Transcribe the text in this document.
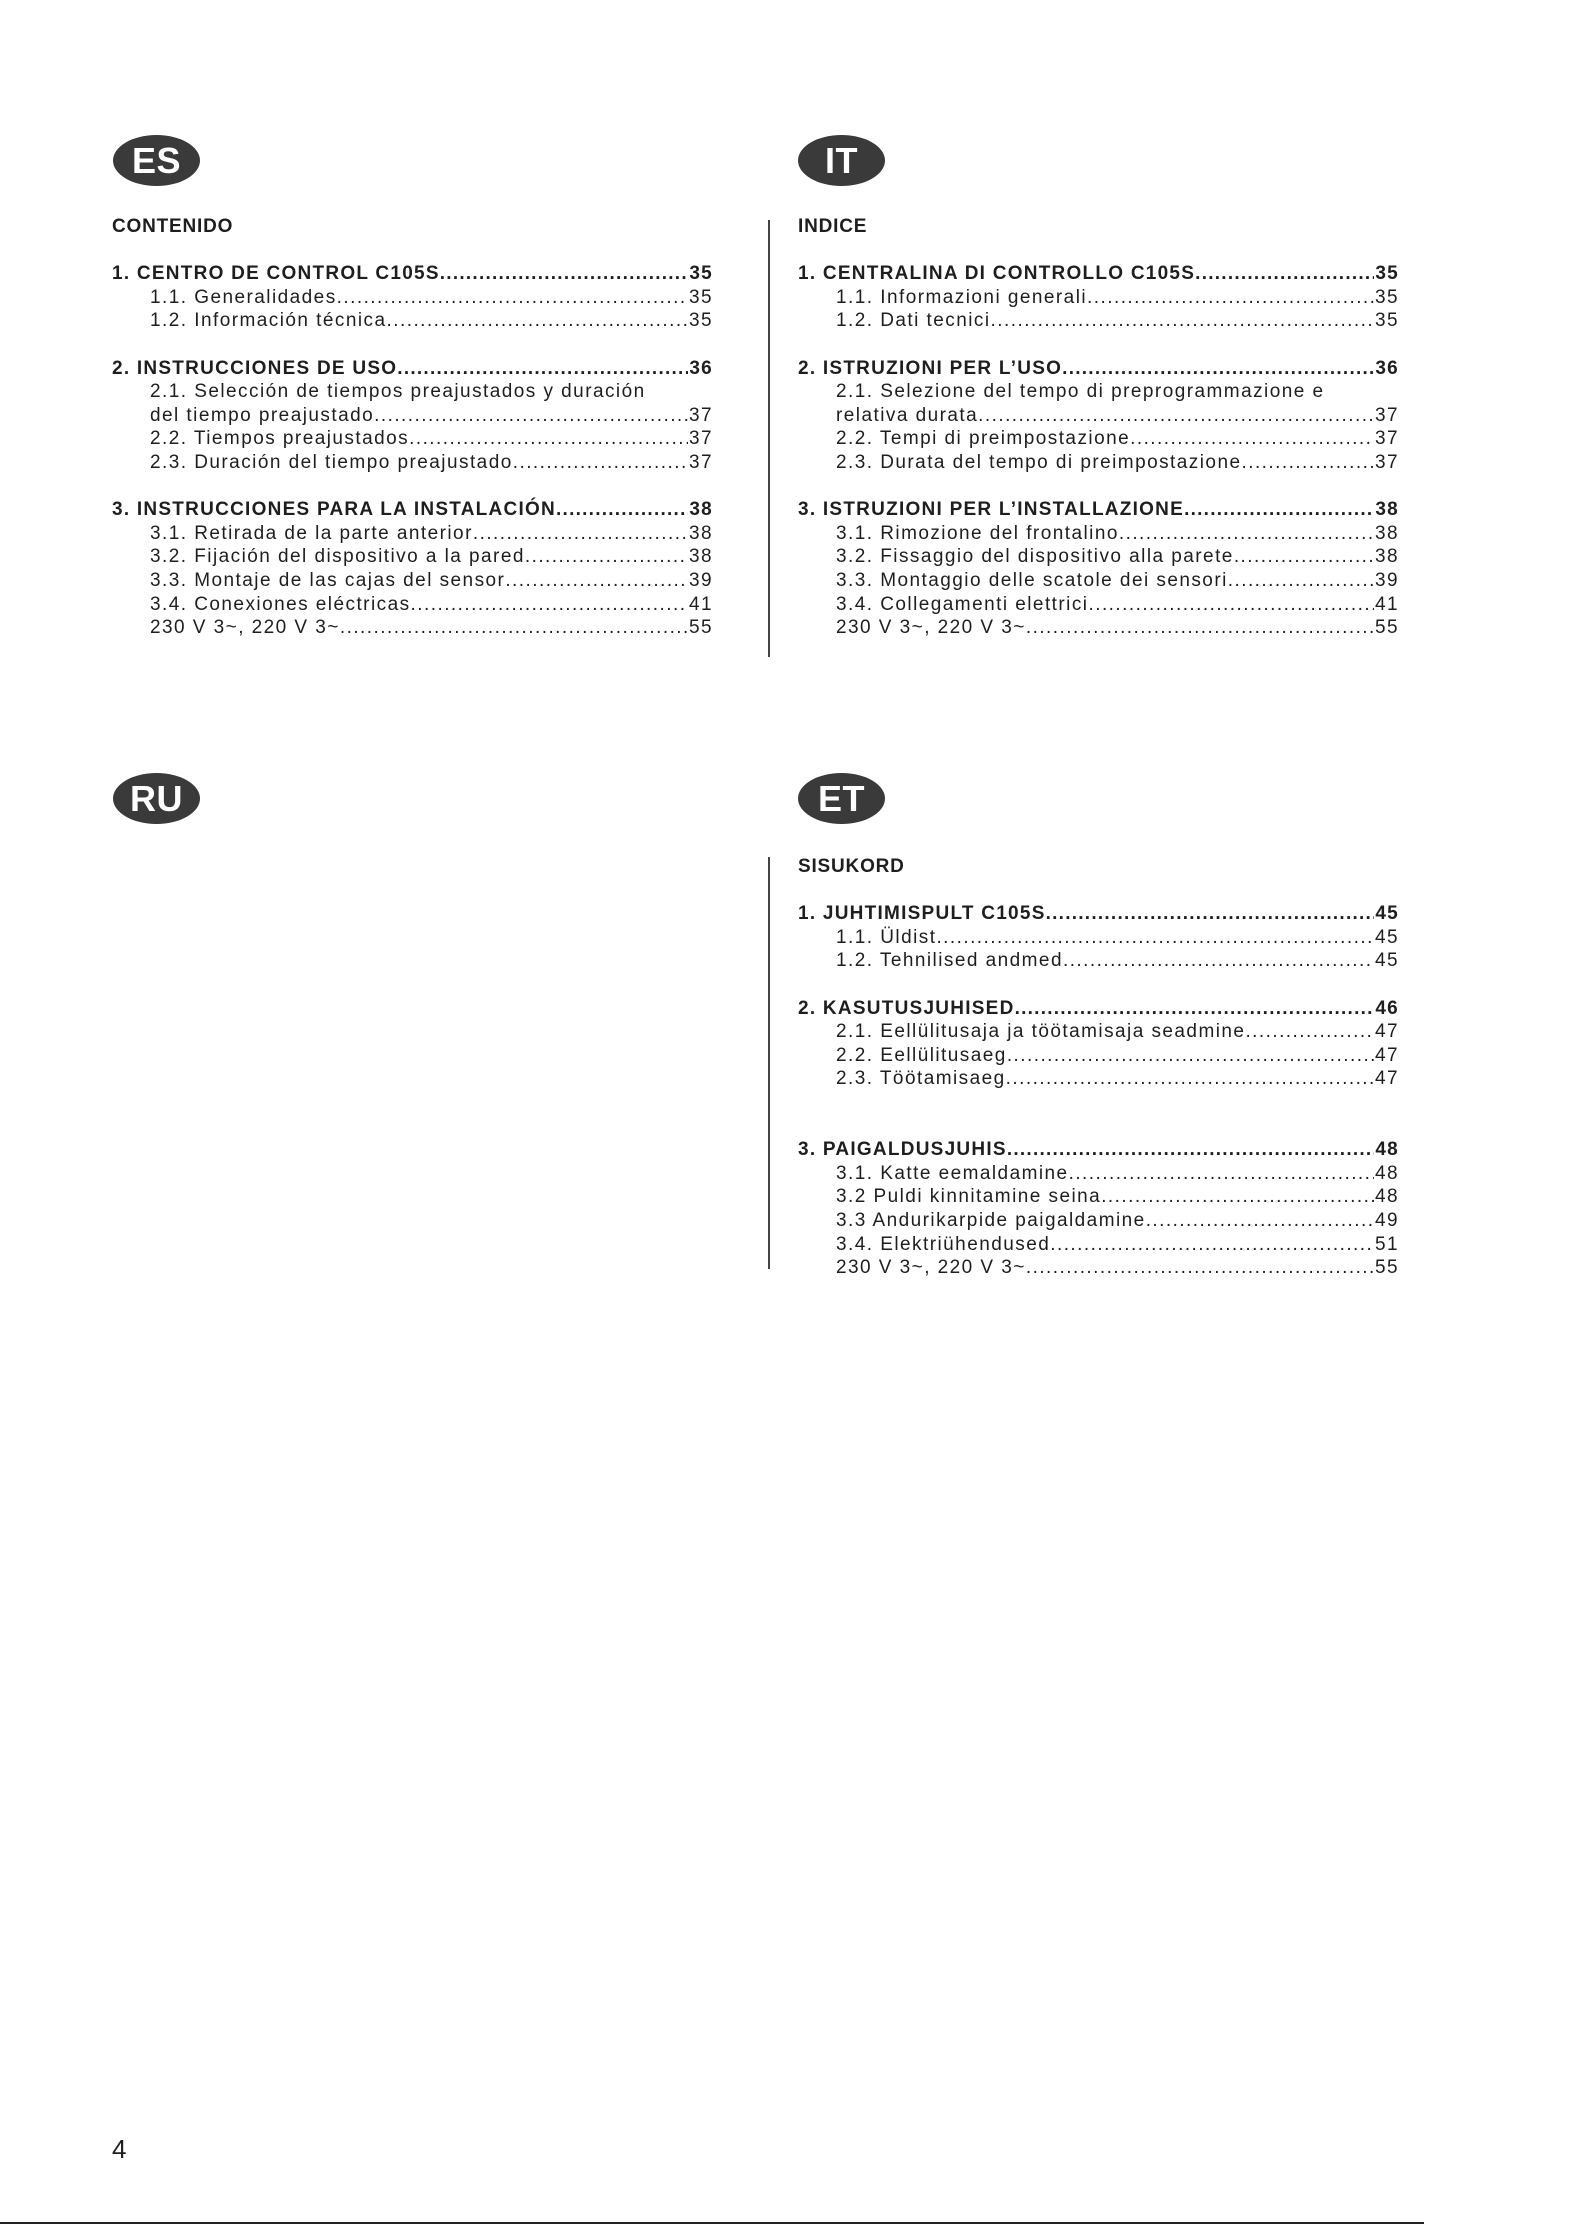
ES
CONTENIDO
1. CENTRO DE CONTROL C105S .....	35
1.1. Generalidades .....	35
1.2. Información técnica .....	35
2. INSTRUCCIONES DE USO .....	36
2.1. Selección de tiempos preajustados y duración
del tiempo preajustado .....	37
2.2. Tiempos preajustados .....	37
2.3. Duración del tiempo preajustado .....	37
3. INSTRUCCIONES PARA LA INSTALACIÓN .....	38
3.1. Retirada de la parte anterior .....	38
3.2. Fijación del dispositivo a la pared .....	38
3.3. Montaje de las cajas del sensor .....	39
3.4. Conexiones eléctricas .....	41
230 V 3~, 220 V 3~ .....	55
IT
INDICE
1. CENTRALINA DI CONTROLLO C105S .....	35
1.1. Informazioni generali .....	35
1.2. Dati tecnici .....	35
2. ISTRUZIONI PER L’USO .....	36
2.1. Selezione del tempo di preprogrammazione e
relativa durata .....	37
2.2. Tempi di preimpostazione .....	37
2.3. Durata del tempo di preimpostazione .....	37
3. ISTRUZIONI PER L’INSTALLAZIONE .....	38
3.1. Rimozione del frontalino .....	38
3.2. Fissaggio del dispositivo alla parete .....	38
3.3. Montaggio delle scatole dei sensori .....	39
3.4. Collegamenti elettrici .....	41
230 V 3~, 220 V 3~ .....	55
RU	ET
SISUKORD
1. JUHTIMISPULT C105S .....	45
1.1. Üldist .....	45
1.2. Tehnilised andmed .....	45
2. KASUTUSJUHISED .....	46
2.1. Eellülitusaja ja töötamisaja seadmine .....	47
2.2. Eellülitusaeg .....	47
2.3. Töötamisaeg .....	47
3. PAIGALDUSJUHIS .....	48
3.1. Katte eemaldamine .....	48
3.2 Puldi kinnitamine seina .....	48
3.3 Andurikarpide paigaldamine .....	49
3.4. Elektriühendused .....	51
230 V 3~, 220 V 3~ .....	55
4
